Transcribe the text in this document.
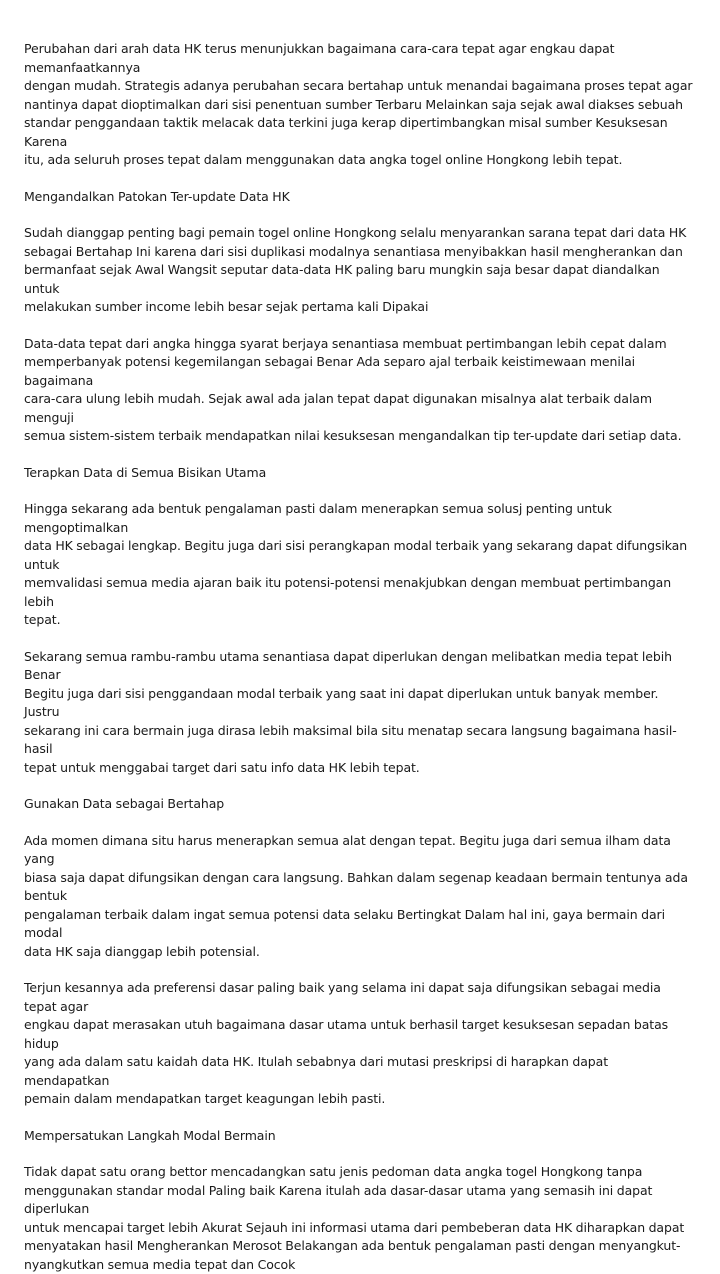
Perubahan dari arah data HK terus menunjukkan bagaimana cara-cara tepat agar engkau dapat memanfaatkannya
dengan mudah. Strategis adanya perubahan secara bertahap untuk menandai bagaimana proses tepat agar
nantinya dapat dioptimalkan dari sisi penentuan sumber Terbaru Melainkan saja sejak awal diakses sebuah
standar penggandaan taktik melacak data terkini juga kerap dipertimbangkan misal sumber Kesuksesan Karena
itu, ada seluruh proses tepat dalam menggunakan data angka togel online Hongkong lebih tepat.

Mengandalkan Patokan Ter-update Data HK

Sudah dianggap penting bagi pemain togel online Hongkong selalu menyarankan sarana tepat dari data HK
sebagai Bertahap Ini karena dari sisi duplikasi modalnya senantiasa menyibakkan hasil mengherankan dan
bermanfaat sejak Awal Wangsit seputar data-data HK paling baru mungkin saja besar dapat diandalkan untuk
melakukan sumber income lebih besar sejak pertama kali Dipakai

Data-data tepat dari angka hingga syarat berjaya senantiasa membuat pertimbangan lebih cepat dalam
memperbanyak potensi kegemilangan sebagai Benar Ada separo ajal terbaik keistimewaan menilai bagaimana
cara-cara ulung lebih mudah. Sejak awal ada jalan tepat dapat digunakan misalnya alat terbaik dalam menguji
semua sistem-sistem terbaik mendapatkan nilai kesuksesan mengandalkan tip ter-update dari setiap data.

Terapkan Data di Semua Bisikan Utama

Hingga sekarang ada bentuk pengalaman pasti dalam menerapkan semua solusj penting untuk mengoptimalkan
data HK sebagai lengkap. Begitu juga dari sisi perangkapan modal terbaik yang sekarang dapat difungsikan untuk
memvalidasi semua media ajaran baik itu potensi-potensi menakjubkan dengan membuat pertimbangan lebih
tepat.

Sekarang semua rambu-rambu utama senantiasa dapat diperlukan dengan melibatkan media tepat lebih Benar
Begitu juga dari sisi penggandaan modal terbaik yang saat ini dapat diperlukan untuk banyak member. Justru
sekarang ini cara bermain juga dirasa lebih maksimal bila situ menatap secara langsung bagaimana hasil-hasil
tepat untuk menggabai target dari satu info data HK lebih tepat.

Gunakan Data sebagai Bertahap

Ada momen dimana situ harus menerapkan semua alat dengan tepat. Begitu juga dari semua ilham data yang
biasa saja dapat difungsikan dengan cara langsung. Bahkan dalam segenap keadaan bermain tentunya ada bentuk
pengalaman terbaik dalam ingat semua potensi data selaku Bertingkat Dalam hal ini, gaya bermain dari modal
data HK saja dianggap lebih potensial.

Terjun kesannya ada preferensi dasar paling baik yang selama ini dapat saja difungsikan sebagai media tepat agar
engkau dapat merasakan utuh bagaimana dasar utama untuk berhasil target kesuksesan sepadan batas hidup
yang ada dalam satu kaidah data HK. Itulah sebabnya dari mutasi preskripsi di harapkan dapat mendapatkan
pemain dalam mendapatkan target keagungan lebih pasti.

Mempersatukan Langkah Modal Bermain

Tidak dapat satu orang bettor mencadangkan satu jenis pedoman data angka togel Hongkong tanpa
menggunakan standar modal Paling baik Karena itulah ada dasar-dasar utama yang semasih ini dapat diperlukan
untuk mencapai target lebih Akurat Sejauh ini informasi utama dari pembeberan data HK diharapkan dapat
menyatakan hasil Mengherankan Merosot Belakangan ada bentuk pengalaman pasti dengan menyangkut-
nyangkutkan semua media tepat dan Cocok
